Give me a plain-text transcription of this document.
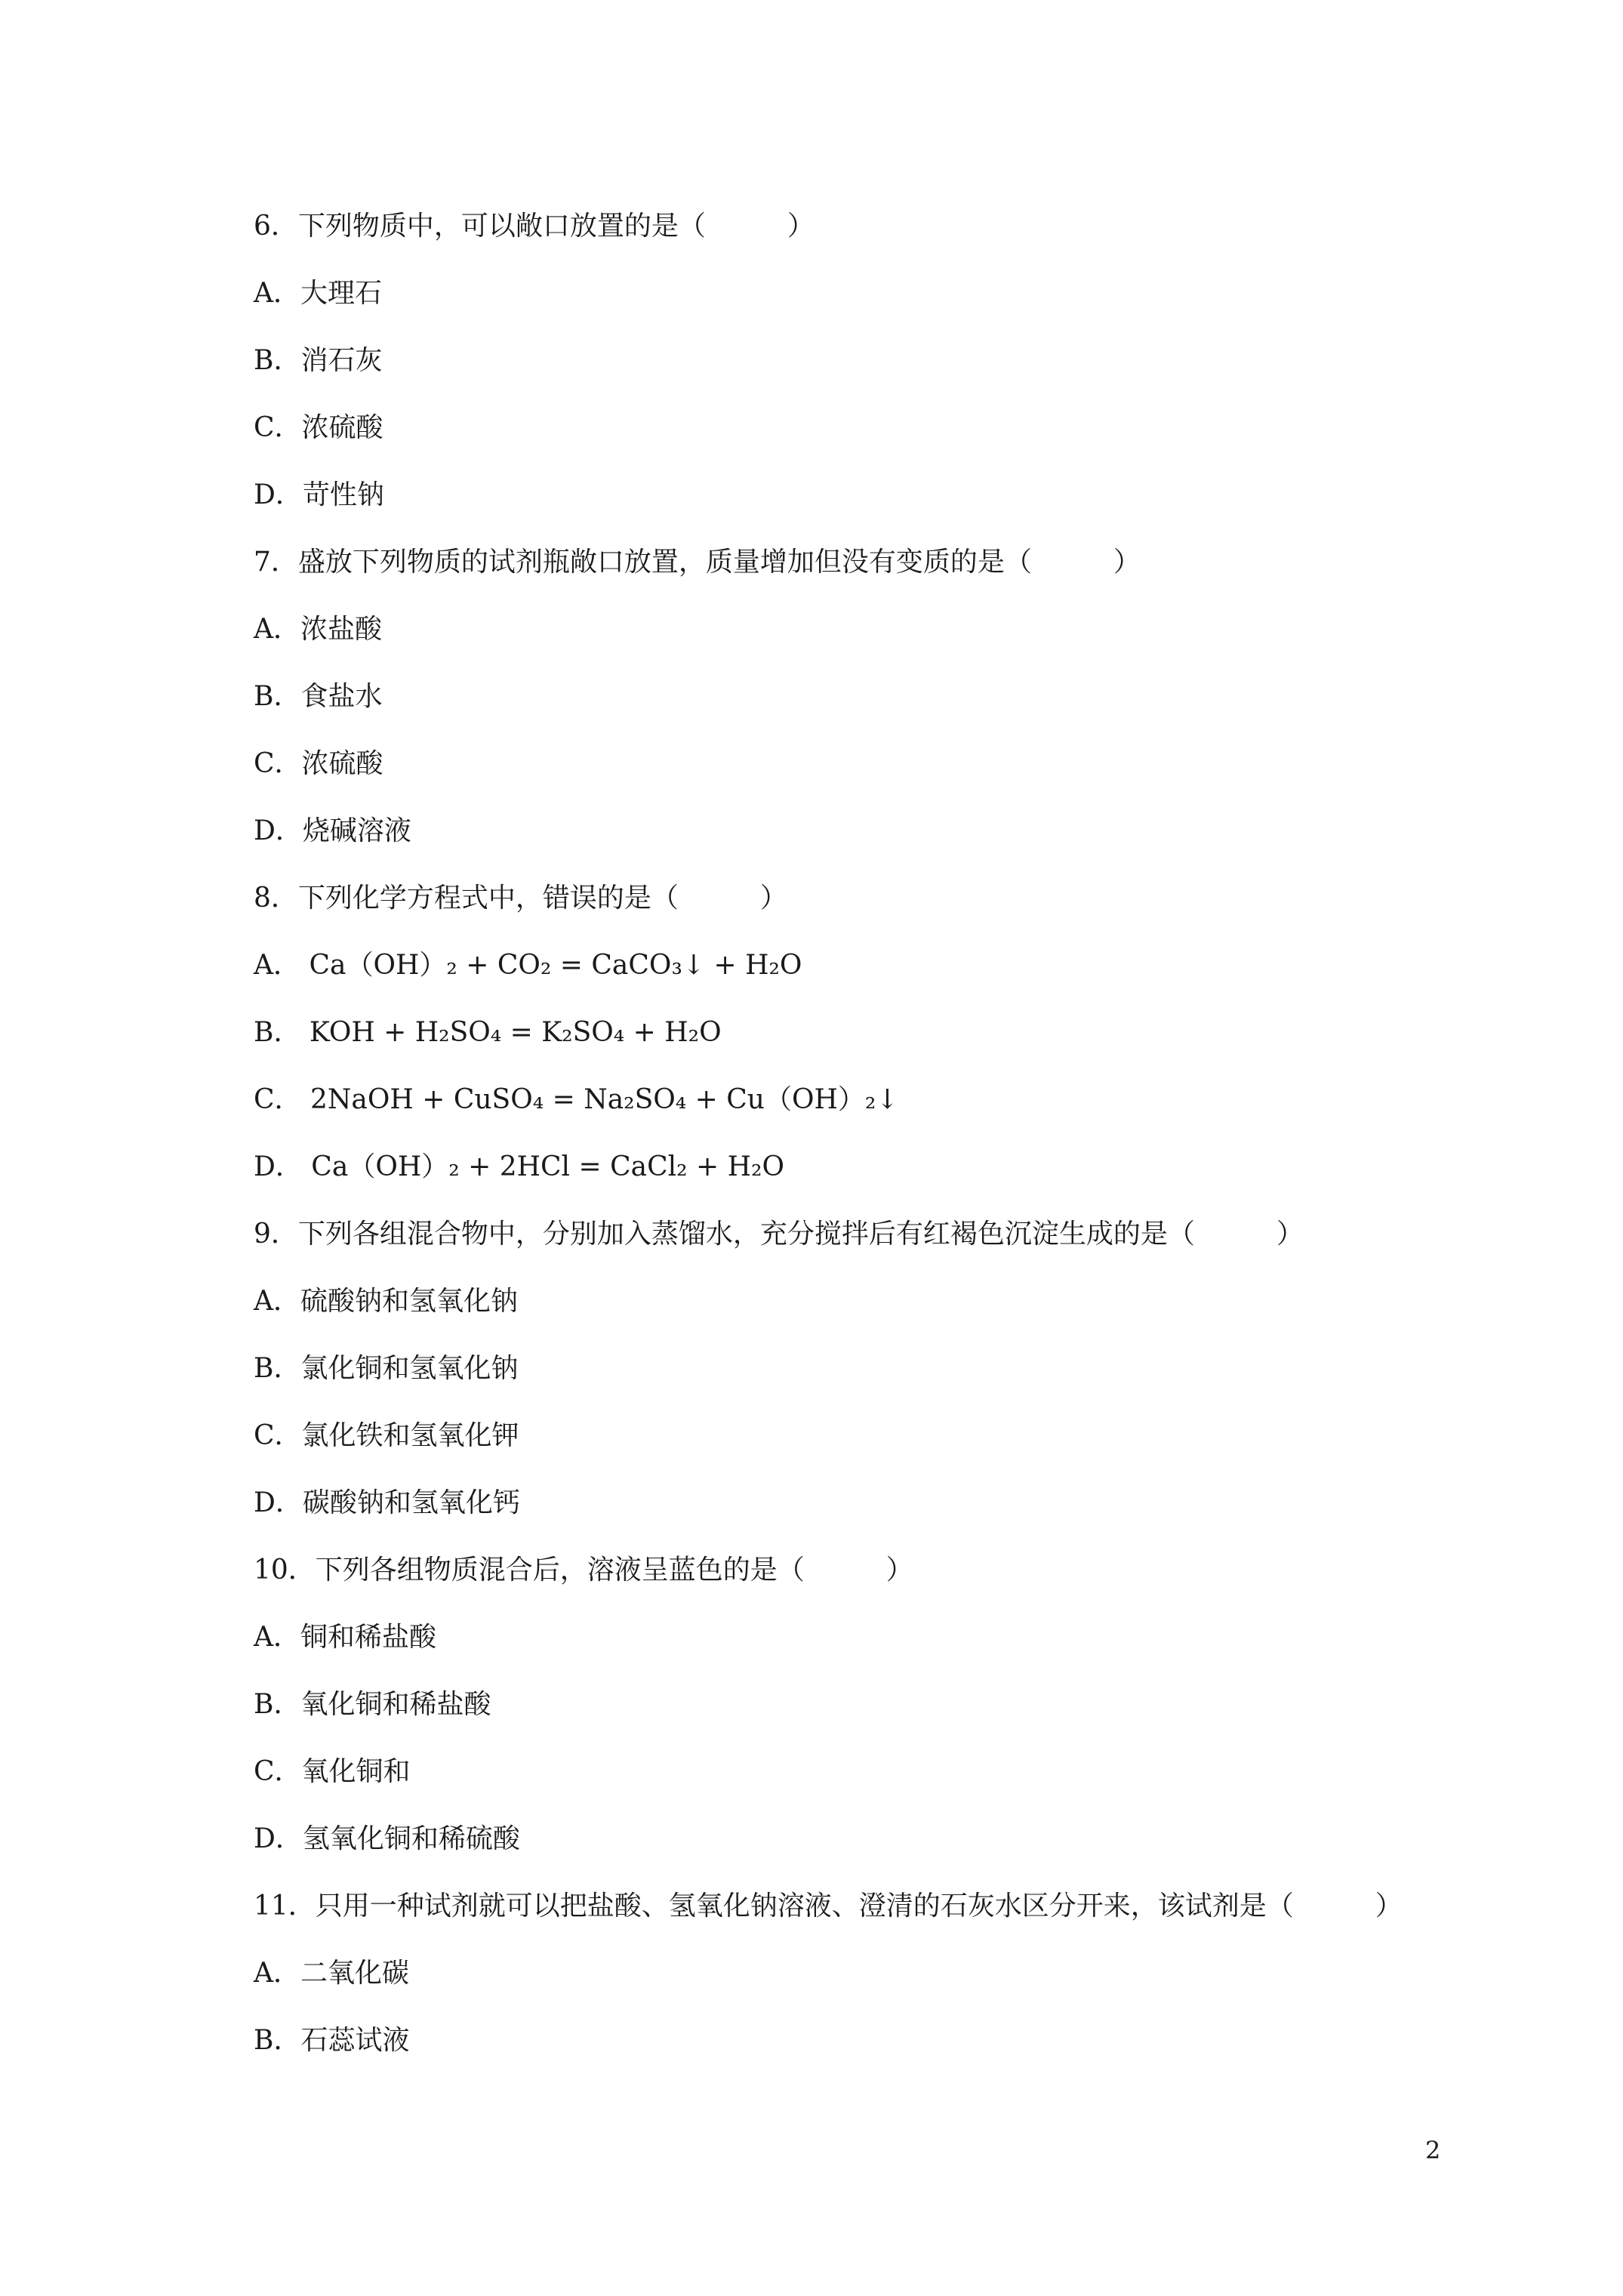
6．下列物质中，可以敞口放置的是（　　　）
A．大理石
B．消石灰
C．浓硫酸
D．苛性钠
7．盛放下列物质的试剂瓶敞口放置，质量增加但没有变质的是（　　　）
A．浓盐酸
B．食盐水
C．浓硫酸
D．烧碱溶液
8．下列化学方程式中，错误的是（　　　）
A． Ca（OH）₂ + CO₂ = CaCO₃↓ + H₂O
B． KOH + H₂SO₄ = K₂SO₄ + H₂O
C． 2NaOH + CuSO₄ = Na₂SO₄ + Cu（OH）₂↓
D． Ca（OH）₂ + 2HCl = CaCl₂ + H₂O
9．下列各组混合物中，分别加入蒸馏水，充分搅拌后有红褐色沉淀生成的是（　　　）
A．硫酸钠和氢氧化钠
B．氯化铜和氢氧化钠
C．氯化铁和氢氧化钾
D．碳酸钠和氢氧化钙
10．下列各组物质混合后，溶液呈蓝色的是（　　　）
A．铜和稀盐酸
B．氧化铜和稀盐酸
C．氧化铜和
D．氢氧化铜和稀硫酸
11．只用一种试剂就可以把盐酸、氢氧化钠溶液、澄清的石灰水区分开来，该试剂是（　　　）
A．二氧化碳
B．石蕊试液
2
